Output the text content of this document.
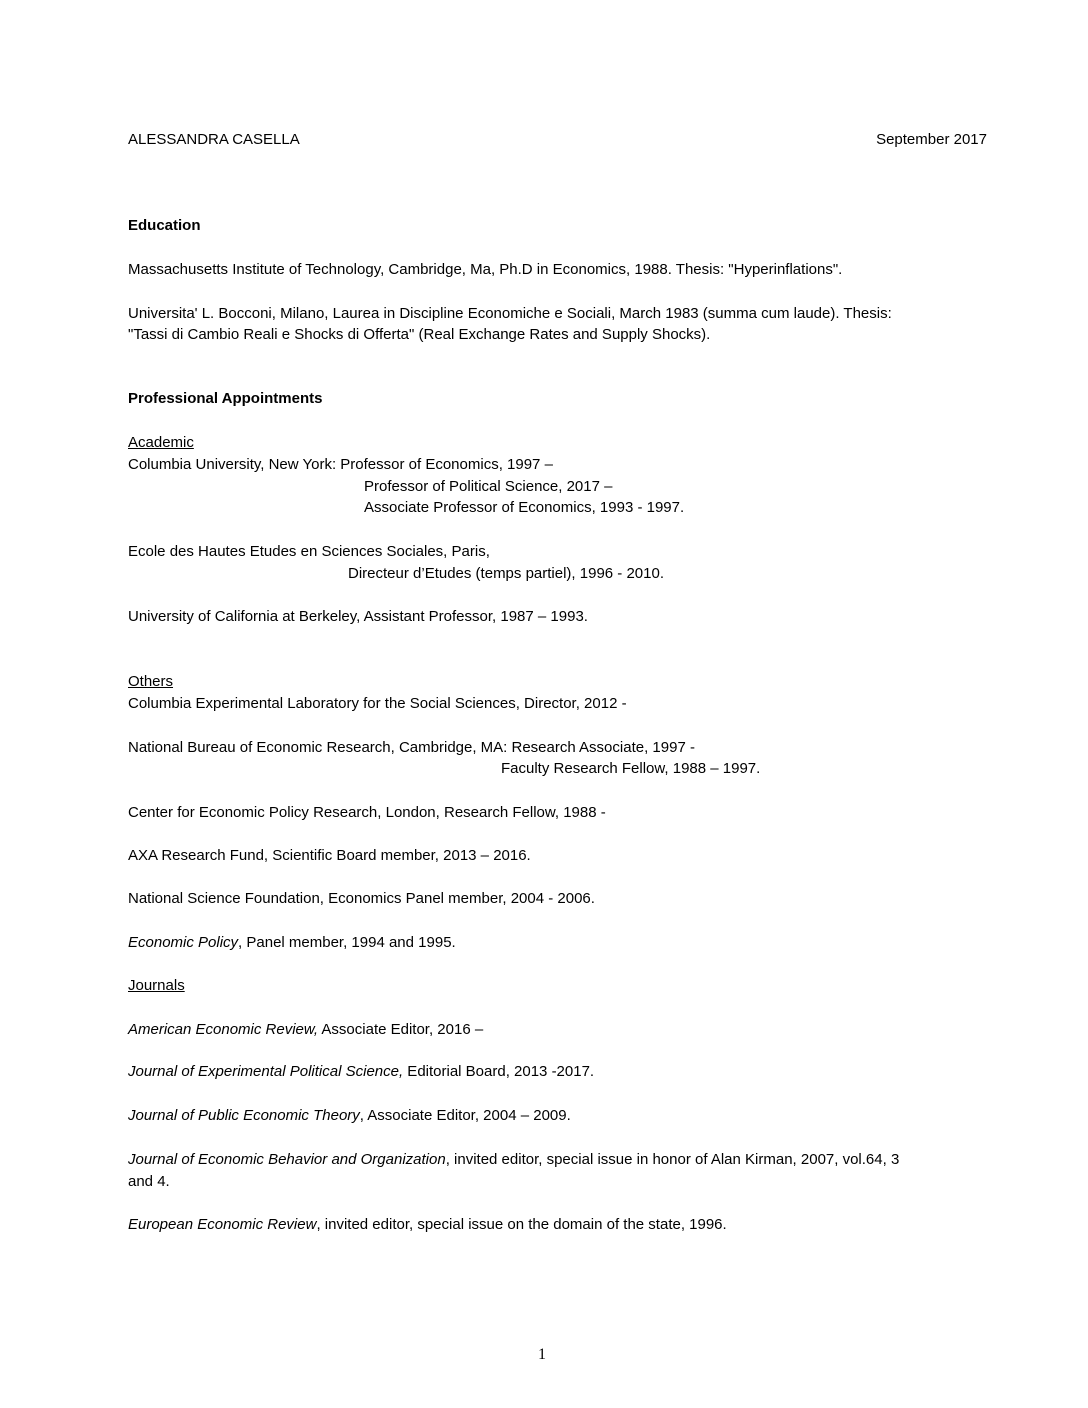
ALESSANDRA CASELLA	September 2017
Education
Massachusetts Institute of Technology, Cambridge, Ma, Ph.D in Economics, 1988. Thesis: "Hyperinflations".
Universita' L. Bocconi, Milano, Laurea in Discipline Economiche e Sociali, March 1983 (summa cum laude). Thesis:
"Tassi di Cambio Reali e Shocks di Offerta" (Real Exchange Rates and Supply Shocks).
Professional Appointments
Academic
Columbia University, New York: Professor of Economics, 1997 –
Professor of Political Science, 2017 –
Associate Professor of Economics, 1993 - 1997.
Ecole des Hautes Etudes en Sciences Sociales, Paris,
Directeur d’Etudes (temps partiel), 1996 - 2010.
University of California at Berkeley, Assistant Professor, 1987 – 1993.
Others
Columbia Experimental Laboratory for the Social Sciences, Director, 2012 -
National Bureau of Economic Research, Cambridge, MA: Research Associate, 1997 -
Faculty Research Fellow, 1988 – 1997.
Center for Economic Policy Research, London, Research Fellow, 1988 -
AXA Research Fund, Scientific Board member, 2013 – 2016.
National Science Foundation, Economics Panel member, 2004 - 2006.
Economic Policy, Panel member, 1994 and 1995.
Journals
American Economic Review, Associate Editor, 2016 –
Journal of Experimental Political Science, Editorial Board, 2013 -2017.
Journal of Public Economic Theory, Associate Editor, 2004 – 2009.
Journal of Economic Behavior and Organization, invited editor, special issue in honor of Alan Kirman, 2007, vol.64, 3
and 4.
European Economic Review, invited editor, special issue on the domain of the state, 1996.
1
